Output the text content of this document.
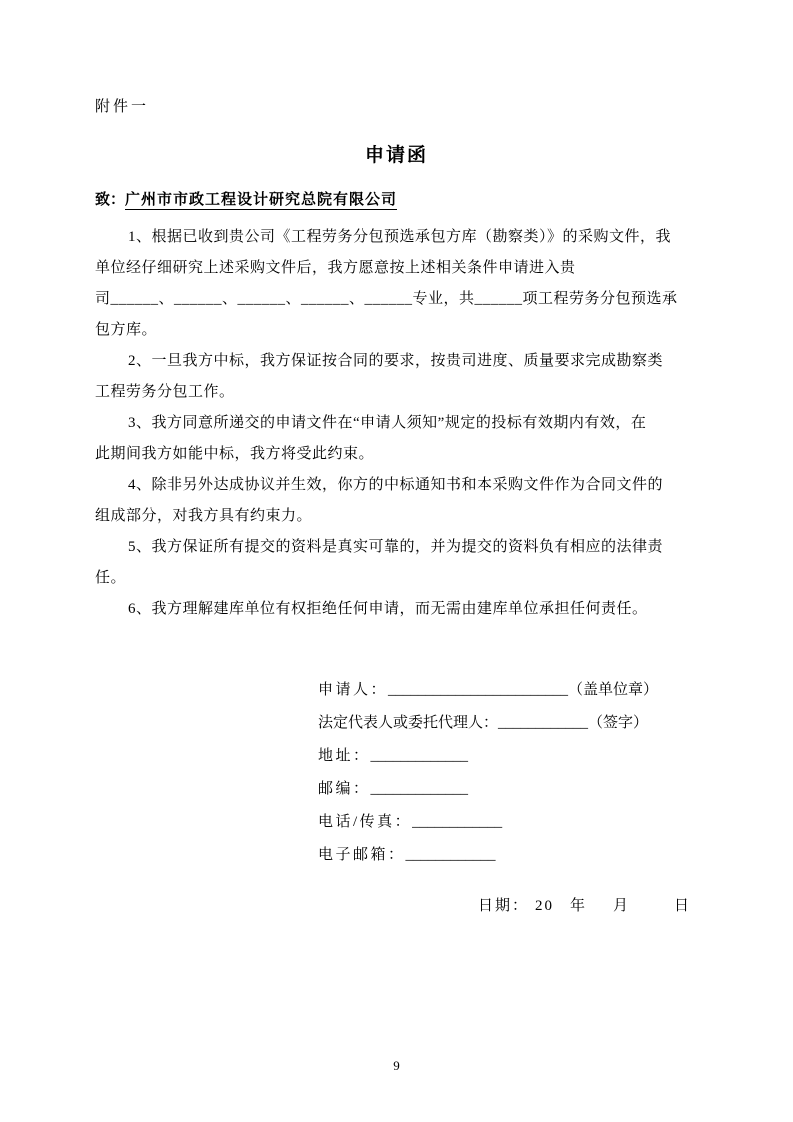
附件一
申请函
致：广州市市政工程设计研究总院有限公司
1、根据已收到贵公司《工程劳务分包预选承包方库（勘察类）》的采购文件，我
单位经仔细研究上述采购文件后，我方愿意按上述相关条件申请进入贵
司______、______、______、______、______专业，共______项工程劳务分包预选承
包方库。
2、一旦我方中标，我方保证按合同的要求，按贵司进度、质量要求完成勘察类
工程劳务分包工作。
3、我方同意所递交的申请文件在“申请人须知”规定的投标有效期内有效，在
此期间我方如能中标，我方将受此约束。
4、除非另外达成协议并生效，你方的中标通知书和本采购文件作为合同文件的
组成部分，对我方具有约束力。
5、我方保证所有提交的资料是真实可靠的，并为提交的资料负有相应的法律责
任。
6、我方理解建库单位有权拒绝任何申请，而无需由建库单位承担任何责任。
申请人：________________________（盖单位章）
法定代表人或委托代理人：____________（签字）
地址：_____________
邮编：_____________
电话/传真：____________
电子邮箱：____________
日期： 20 年 月	日
9
